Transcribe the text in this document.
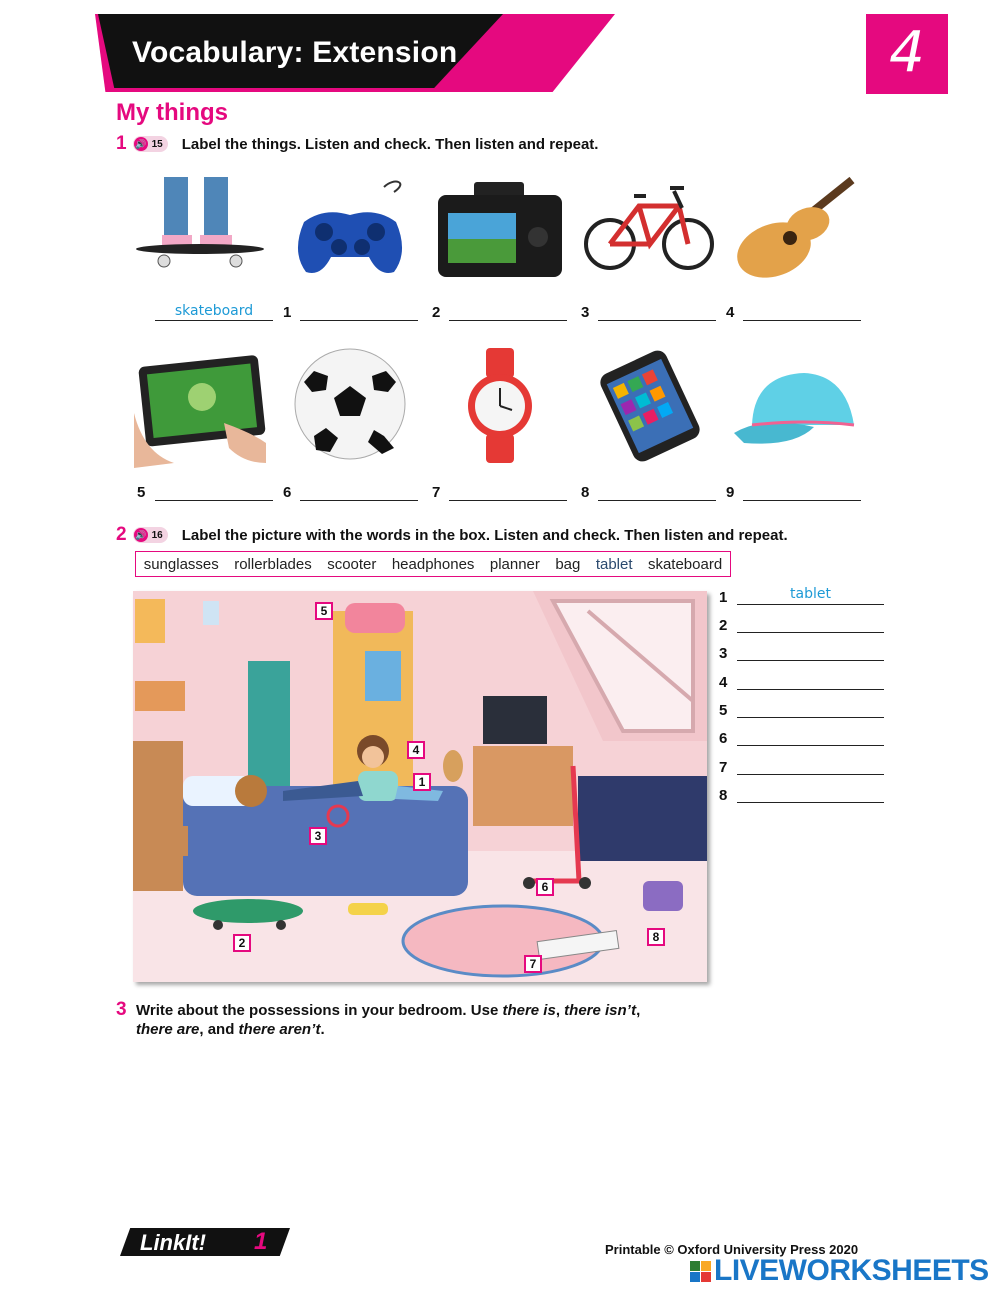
Vocabulary: Extension	4
My things
1 🔊 15 Label the things. Listen and check. Then listen and repeat.
skateboard
1	2	3	4
5	6	7	8	9
2 🔊 16 Label the picture with the words in the box. Listen and check. Then listen and repeat.
sunglasses rollerblades scooter headphones planner bag tablet skateboard
5
4
1
3
6
8
2
7
1
tablet
2
3
4
5
6
7
8
3 Write about the possessions in your bedroom. Use there is, there isn’t,
there are, and there aren’t.
LinkIt! 1	Printable © Oxford University Press 2020
LIVEWORKSHEETS
